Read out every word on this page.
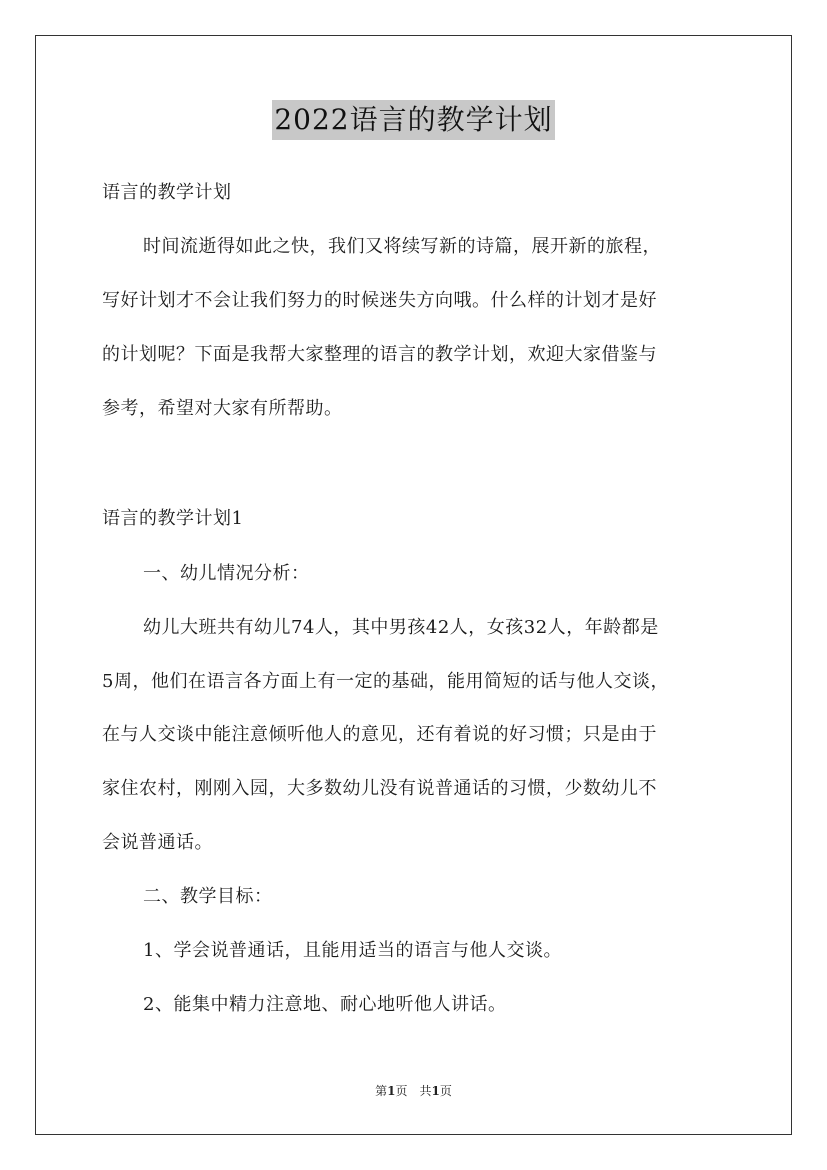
2022语言的教学计划
语言的教学计划
时间流逝得如此之快，我们又将续写新的诗篇，展开新的旅程，
写好计划才不会让我们努力的时候迷失方向哦。什么样的计划才是好
的计划呢？下面是我帮大家整理的语言的教学计划，欢迎大家借鉴与
参考，希望对大家有所帮助。
语言的教学计划1
一、幼儿情况分析：
幼儿大班共有幼儿74人，其中男孩42人，女孩32人，年龄都是
5周，他们在语言各方面上有一定的基础，能用简短的话与他人交谈，
在与人交谈中能注意倾听他人的意见，还有着说的好习惯；只是由于
家住农村，刚刚入园，大多数幼儿没有说普通话的习惯，少数幼儿不
会说普通话。
二、教学目标：
1、学会说普通话，且能用适当的语言与他人交谈。
2、能集中精力注意地、耐心地听他人讲话。
第1页　共1页
